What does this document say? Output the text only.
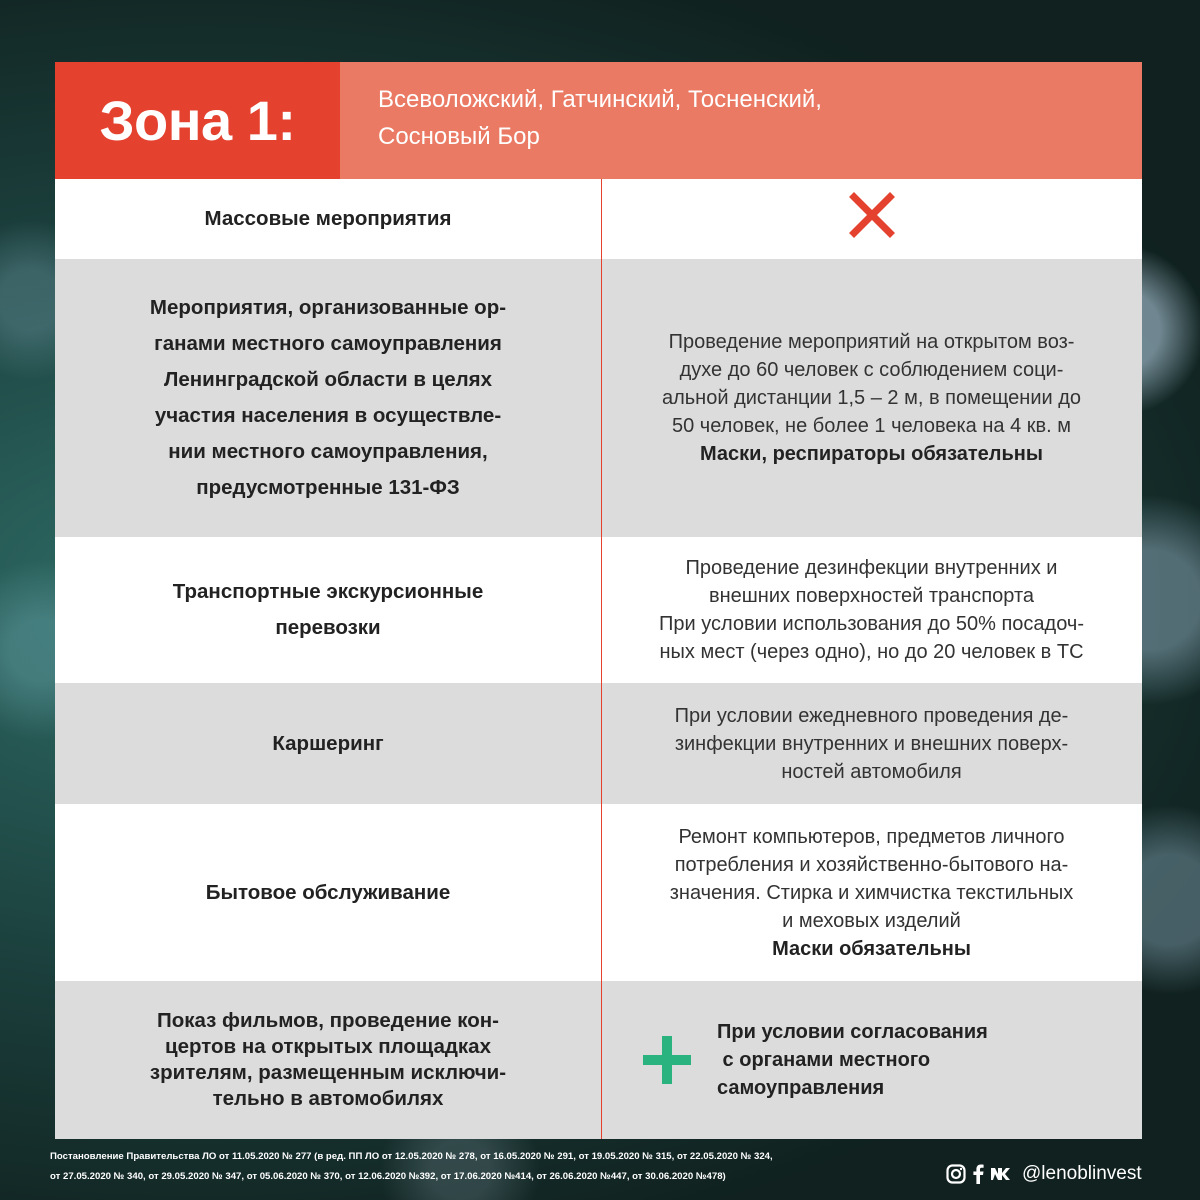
Зона 1:	Всеволожский, Гатчинский, Тосненский,
Сосновый Бор
Массовые мероприятия
Мероприятия, организованные ор-
ганами местного самоуправления
Ленинградской области в целях
участия населения в осуществле-
нии местного самоуправления,
предусмотренные 131-ФЗ
Проведение мероприятий на открытом воз-
духе до 60 человек с соблюдением соци-
альной дистанции 1,5 – 2 м, в помещении до
50 человек, не более 1 человека на 4 кв. м
Маски, респираторы обязательны
Транспортные экскурсионные
перевозки
Проведение дезинфекции внутренних и
внешних поверхностей транспорта
При условии использования до 50% посадоч-
ных мест (через одно), но до 20 человек в ТС
Каршеринг
При условии ежедневного проведения де-
зинфекции внутренних и внешних поверх-
ностей автомобиля
Бытовое обслуживание
Ремонт компьютеров, предметов личного
потребления и хозяйственно-бытового на-
значения. Стирка и химчистка текстильных
и меховых изделий
Маски обязательны
Показ фильмов, проведение кон-
цертов на открытых площадках
зрителям, размещенным исключи-
тельно в автомобилях
При условии согласования
с органами местного
самоуправления
Постановление Правительства ЛО от 11.05.2020 № 277 (в ред. ПП ЛО от 12.05.2020 № 278, от 16.05.2020 № 291, от 19.05.2020 № 315, от 22.05.2020 № 324,
от 27.05.2020 № 340, от 29.05.2020 № 347, от 05.06.2020 № 370, от 12.06.2020 №392, от 17.06.2020 №414, от 26.06.2020 №447, от 30.06.2020 №478)	@lenoblinvest
